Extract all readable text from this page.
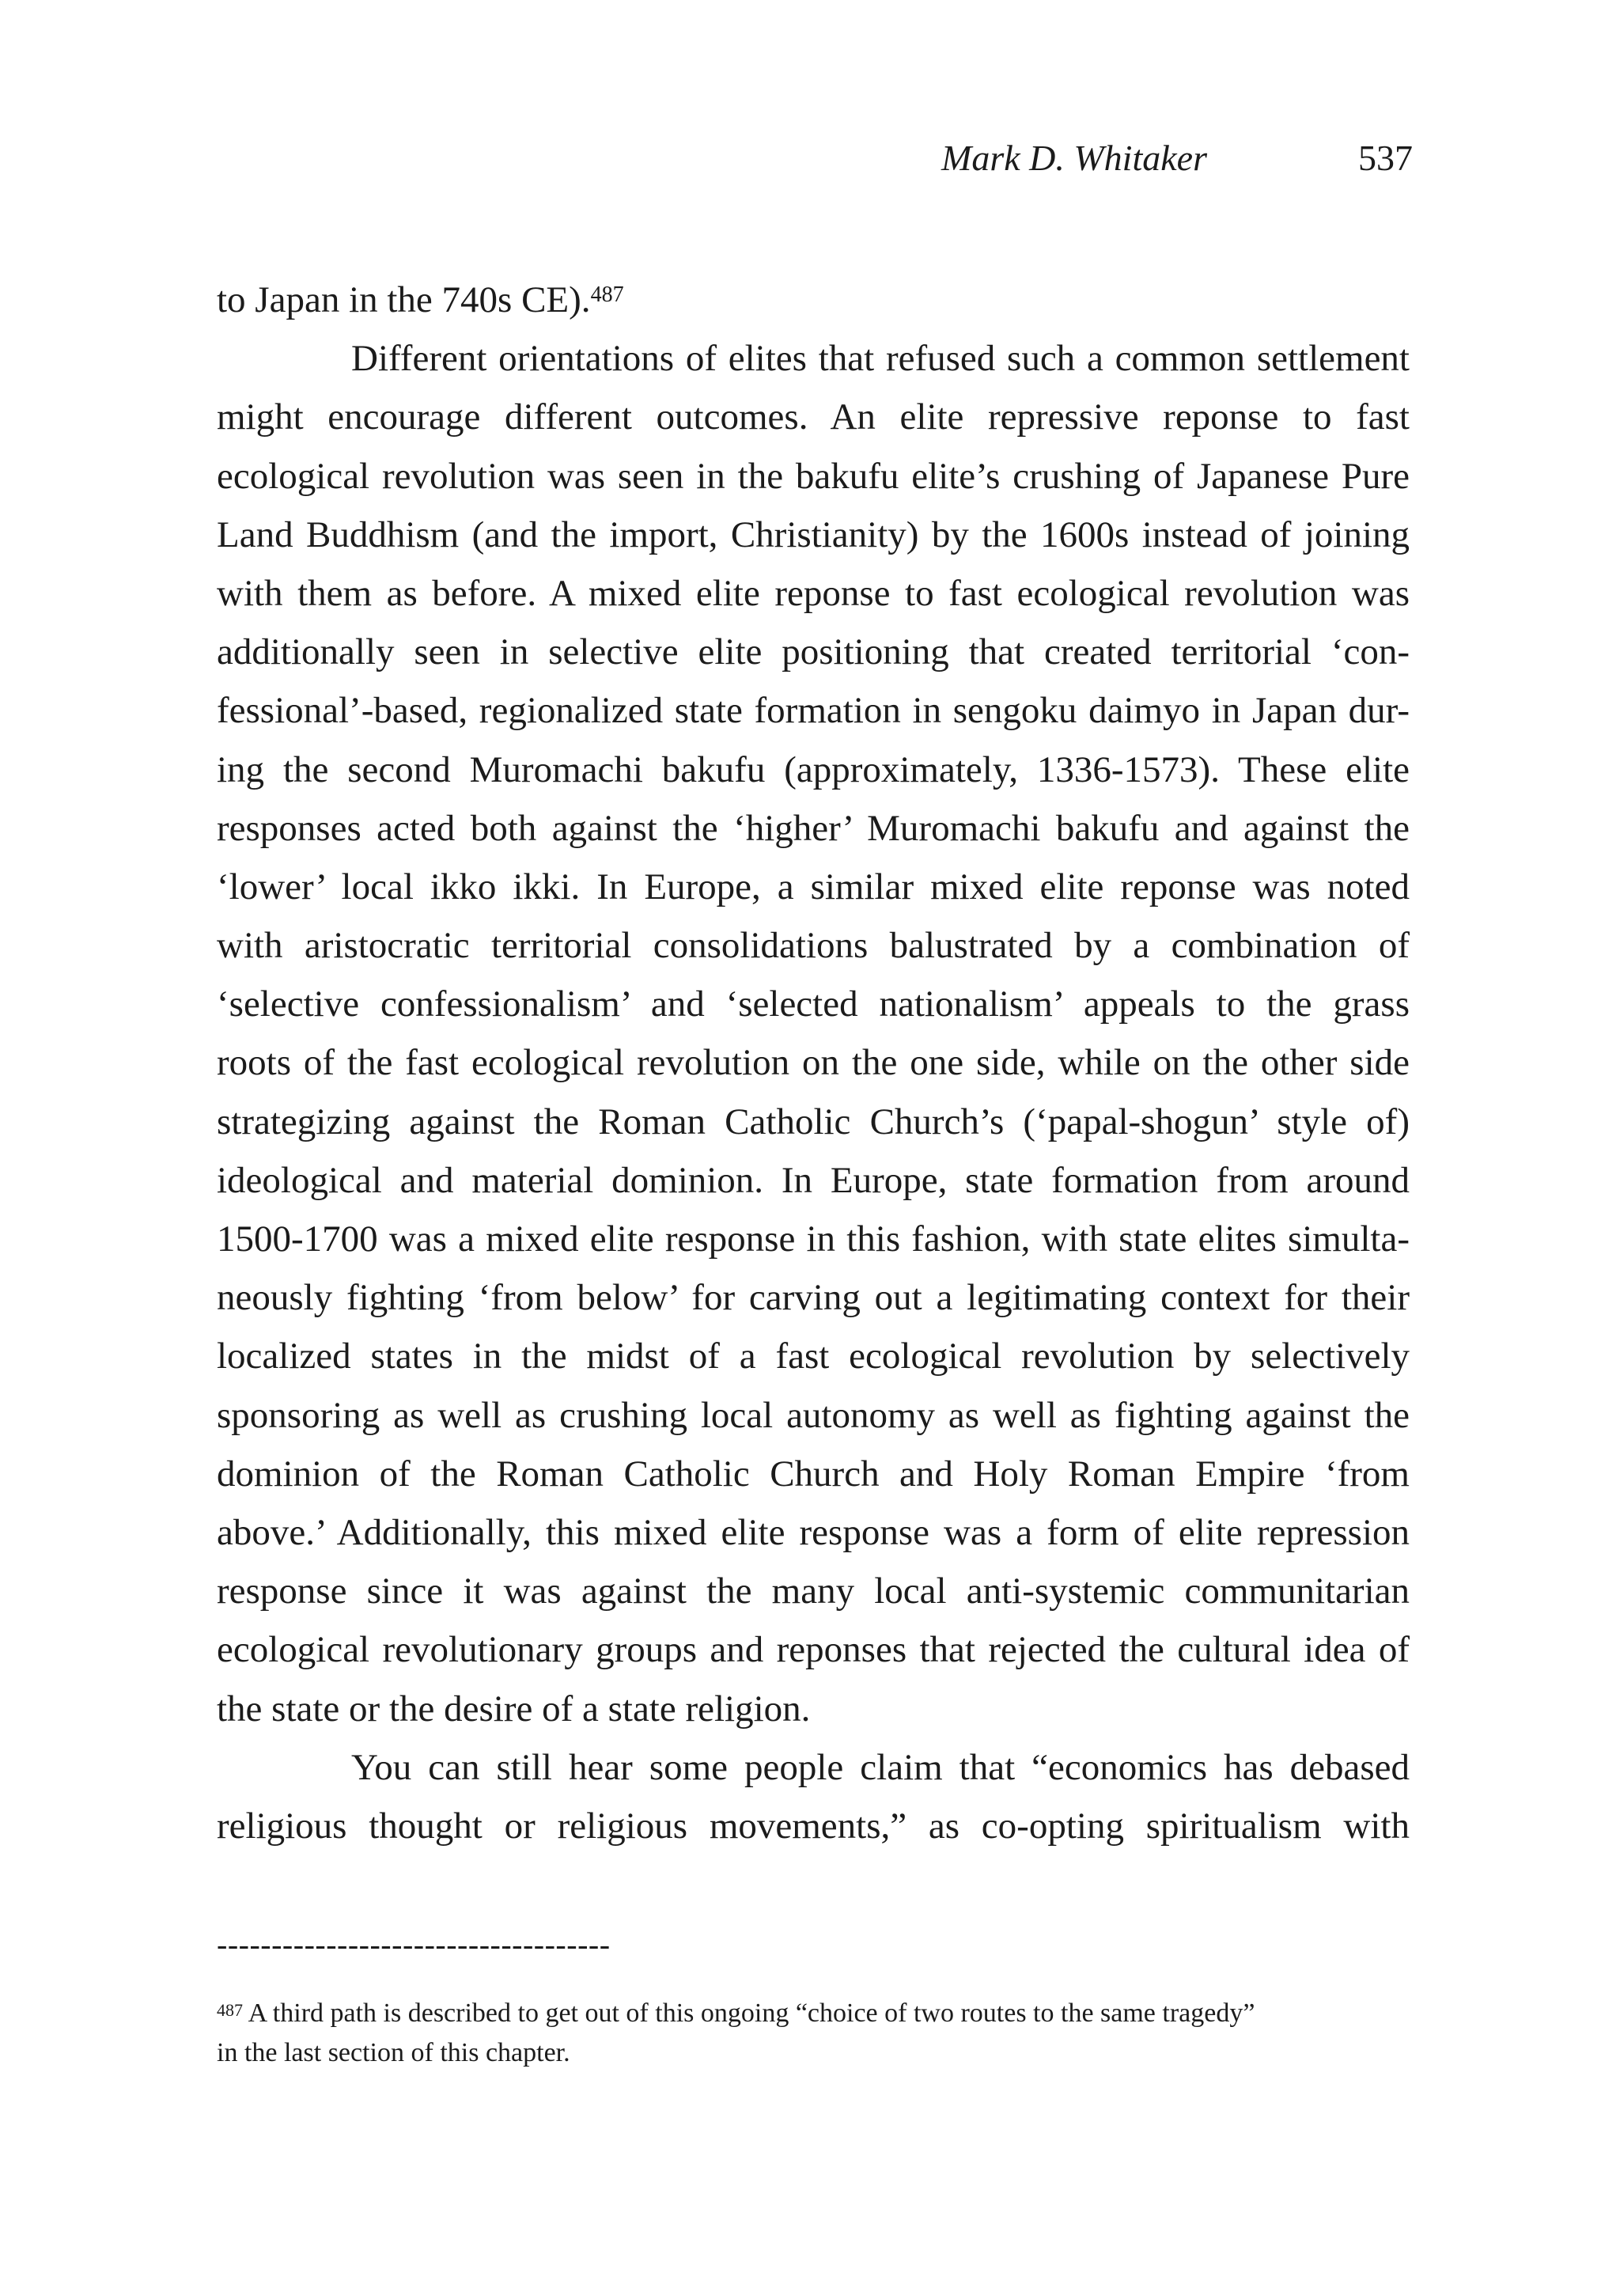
Mark D. Whitaker	537
to Japan in the 740s CE).$^{487}$
Different orientations of elites that refused such a common settlement
might encourage different outcomes. An elite repressive reponse to fast
ecological revolution was seen in the bakufu elite’s crushing of Japanese Pure
Land Buddhism (and the import, Christianity) by the 1600s instead of joining
with them as before. A mixed elite reponse to fast ecological revolution was
additionally seen in selective elite positioning that created territorial ‘con-
fessional’-based, regionalized state formation in sengoku daimyo in Japan dur-
ing the second Muromachi bakufu (approximately, 1336-1573). These elite
responses acted both against the ‘higher’ Muromachi bakufu and against the
‘lower’ local ikko ikki. In Europe, a similar mixed elite reponse was noted
with aristocratic territorial consolidations balustrated by a combination of
‘selective confessionalism’ and ‘selected nationalism’ appeals to the grass
roots of the fast ecological revolution on the one side, while on the other side
strategizing against the Roman Catholic Church’s (‘papal-shogun’ style of)
ideological and material dominion. In Europe, state formation from around
1500-1700 was a mixed elite response in this fashion, with state elites simulta-
neously fighting ‘from below’ for carving out a legitimating context for their
localized states in the midst of a fast ecological revolution by selectively
sponsoring as well as crushing local autonomy as well as fighting against the
dominion of the Roman Catholic Church and Holy Roman Empire ‘from
above.’ Additionally, this mixed elite response was a form of elite repression
response since it was against the many local anti-systemic communitarian
ecological revolutionary groups and reponses that rejected the cultural idea of
the state or the desire of a state religion.
You can still hear some people claim that “economics has debased
religious thought or religious movements,” as co-opting spiritualism with
------------------------------------
$^{487}$ A third path is described to get out of this ongoing “choice of two routes to the same tragedy”
in the last section of this chapter.
